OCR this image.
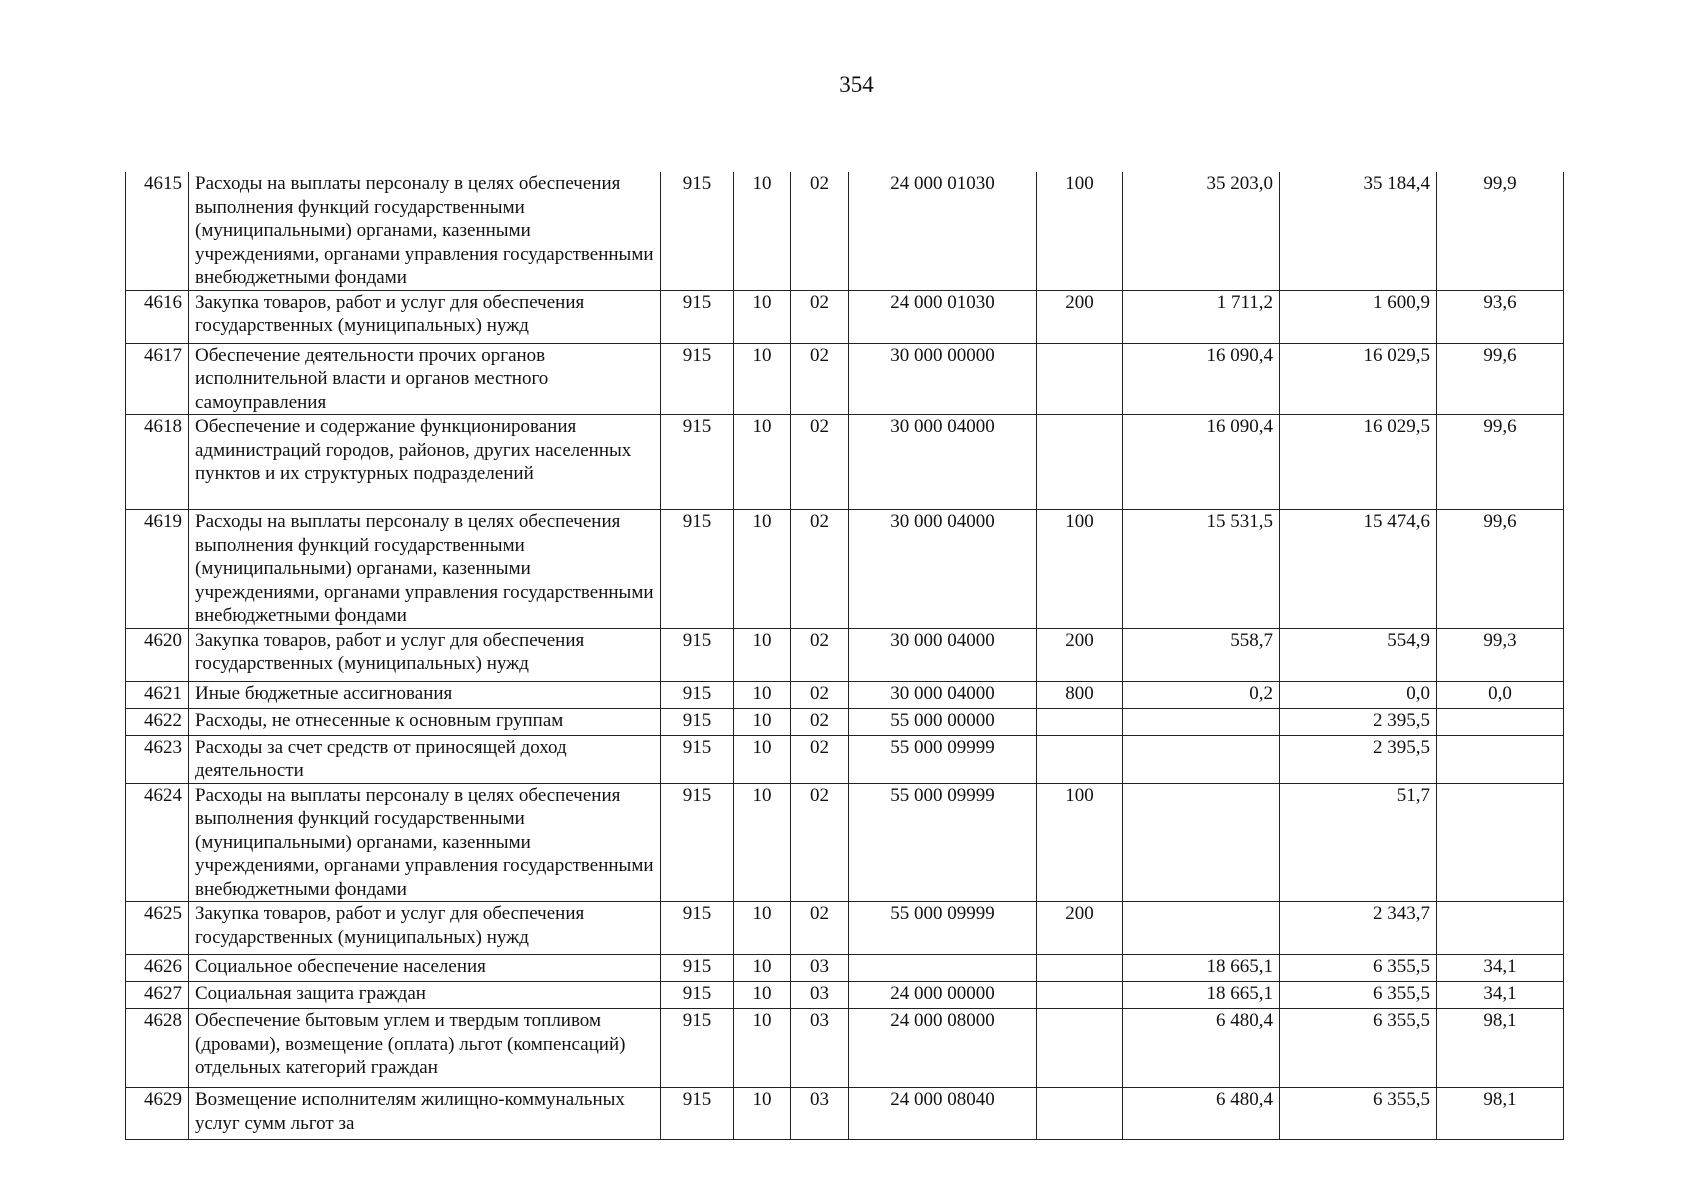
354
4615	Расходы на выплаты персоналу в целях обеспечения выполнения функций государственными (муниципальными) органами, казенными учреждениями, органами управления государственными внебюджетными фондами	915	10	02	24 000 01030	100	35 203,0	35 184,4	99,9
4616	Закупка товаров, работ и услуг для обеспечения государственных (муниципальных) нужд	915	10	02	24 000 01030	200	1 711,2	1 600,9	93,6
4617	Обеспечение деятельности прочих органов исполнительной власти и органов местного самоуправления	915	10	02	30 000 00000		16 090,4	16 029,5	99,6
4618	Обеспечение и содержание функционирования администраций городов, районов, других населенных пунктов и их структурных подразделений	915	10	02	30 000 04000		16 090,4	16 029,5	99,6
4619	Расходы на выплаты персоналу в целях обеспечения выполнения функций государственными (муниципальными) органами, казенными учреждениями, органами управления государственными внебюджетными фондами	915	10	02	30 000 04000	100	15 531,5	15 474,6	99,6
4620	Закупка товаров, работ и услуг для обеспечения государственных (муниципальных) нужд	915	10	02	30 000 04000	200	558,7	554,9	99,3
4621	Иные бюджетные ассигнования	915	10	02	30 000 04000	800	0,2	0,0	0,0
4622	Расходы, не отнесенные к основным группам	915	10	02	55 000 00000			2 395,5	
4623	Расходы за счет средств от приносящей доход деятельности	915	10	02	55 000 09999			2 395,5	
4624	Расходы на выплаты персоналу в целях обеспечения выполнения функций государственными (муниципальными) органами, казенными учреждениями, органами управления государственными внебюджетными фондами	915	10	02	55 000 09999	100		51,7	
4625	Закупка товаров, работ и услуг для обеспечения государственных (муниципальных) нужд	915	10	02	55 000 09999	200		2 343,7	
4626	Социальное обеспечение населения	915	10	03			18 665,1	6 355,5	34,1
4627	Социальная защита граждан	915	10	03	24 000 00000		18 665,1	6 355,5	34,1
4628	Обеспечение бытовым углем и твердым топливом (дровами), возмещение (оплата) льгот (компенсаций) отдельных категорий граждан	915	10	03	24 000 08000		6 480,4	6 355,5	98,1
4629	Возмещение исполнителям жилищно-коммунальных услуг сумм льгот за	915	10	03	24 000 08040		6 480,4	6 355,5	98,1
